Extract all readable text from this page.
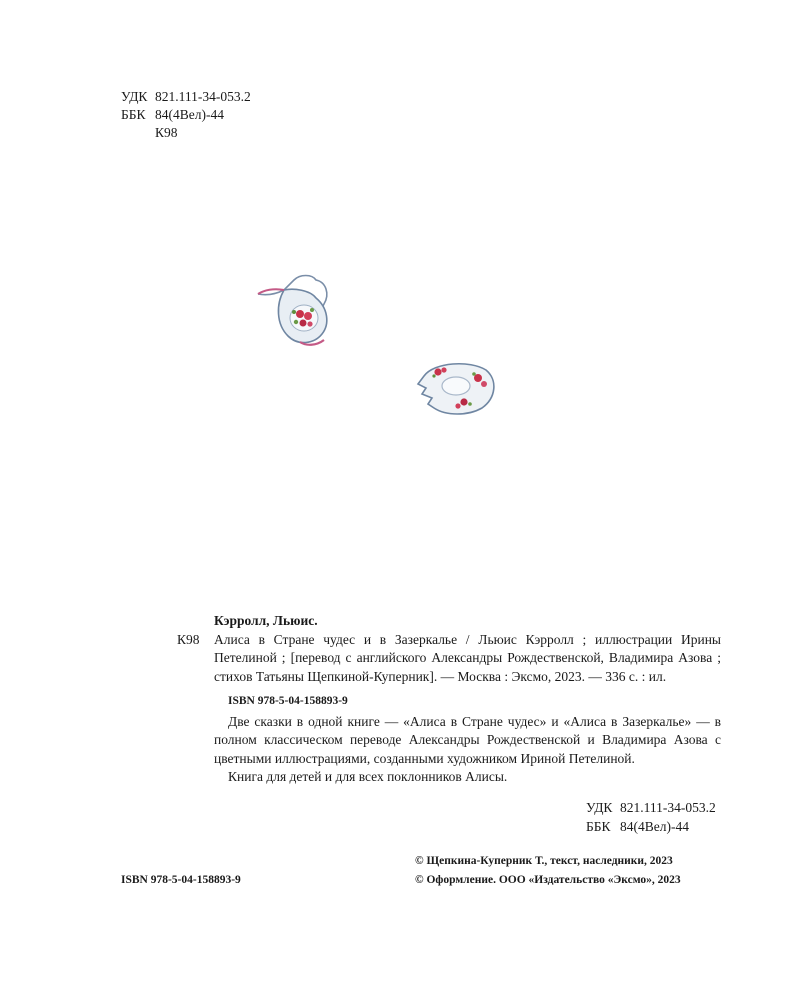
УДК 821.111-34-053.2
ББК 84(4Вел)-44
К98
Кэрролл, Льюис.
К98 Алиса в Стране чудес и в Зазеркалье / Льюис Кэрролл ; иллюстрации Ирины Петелиной ; [перевод с английского Александры Рождественской, Владимира Азова ; стихов Татьяны Щепкиной-Куперник]. — Москва : Эксмо, 2023. — 336 с. : ил.
ISBN 978-5-04-158893-9

Две сказки в одной книге — «Алиса в Стране чудес» и «Алиса в Зазеркалье» — в полном классическом переводе Александры Рождественской и Владимира Азова с цветными иллюстрациями, созданными художником Ириной Петелиной.

Книга для детей и для всех поклонников Алисы.

УДК 821.111-34-053.2
ББК 84(4Вел)-44
© Щепкина-Куперник Т., текст, наследники, 2023
© Оформление. ООО «Издательство «Эксмо», 2023
ISBN 978-5-04-158893-9
